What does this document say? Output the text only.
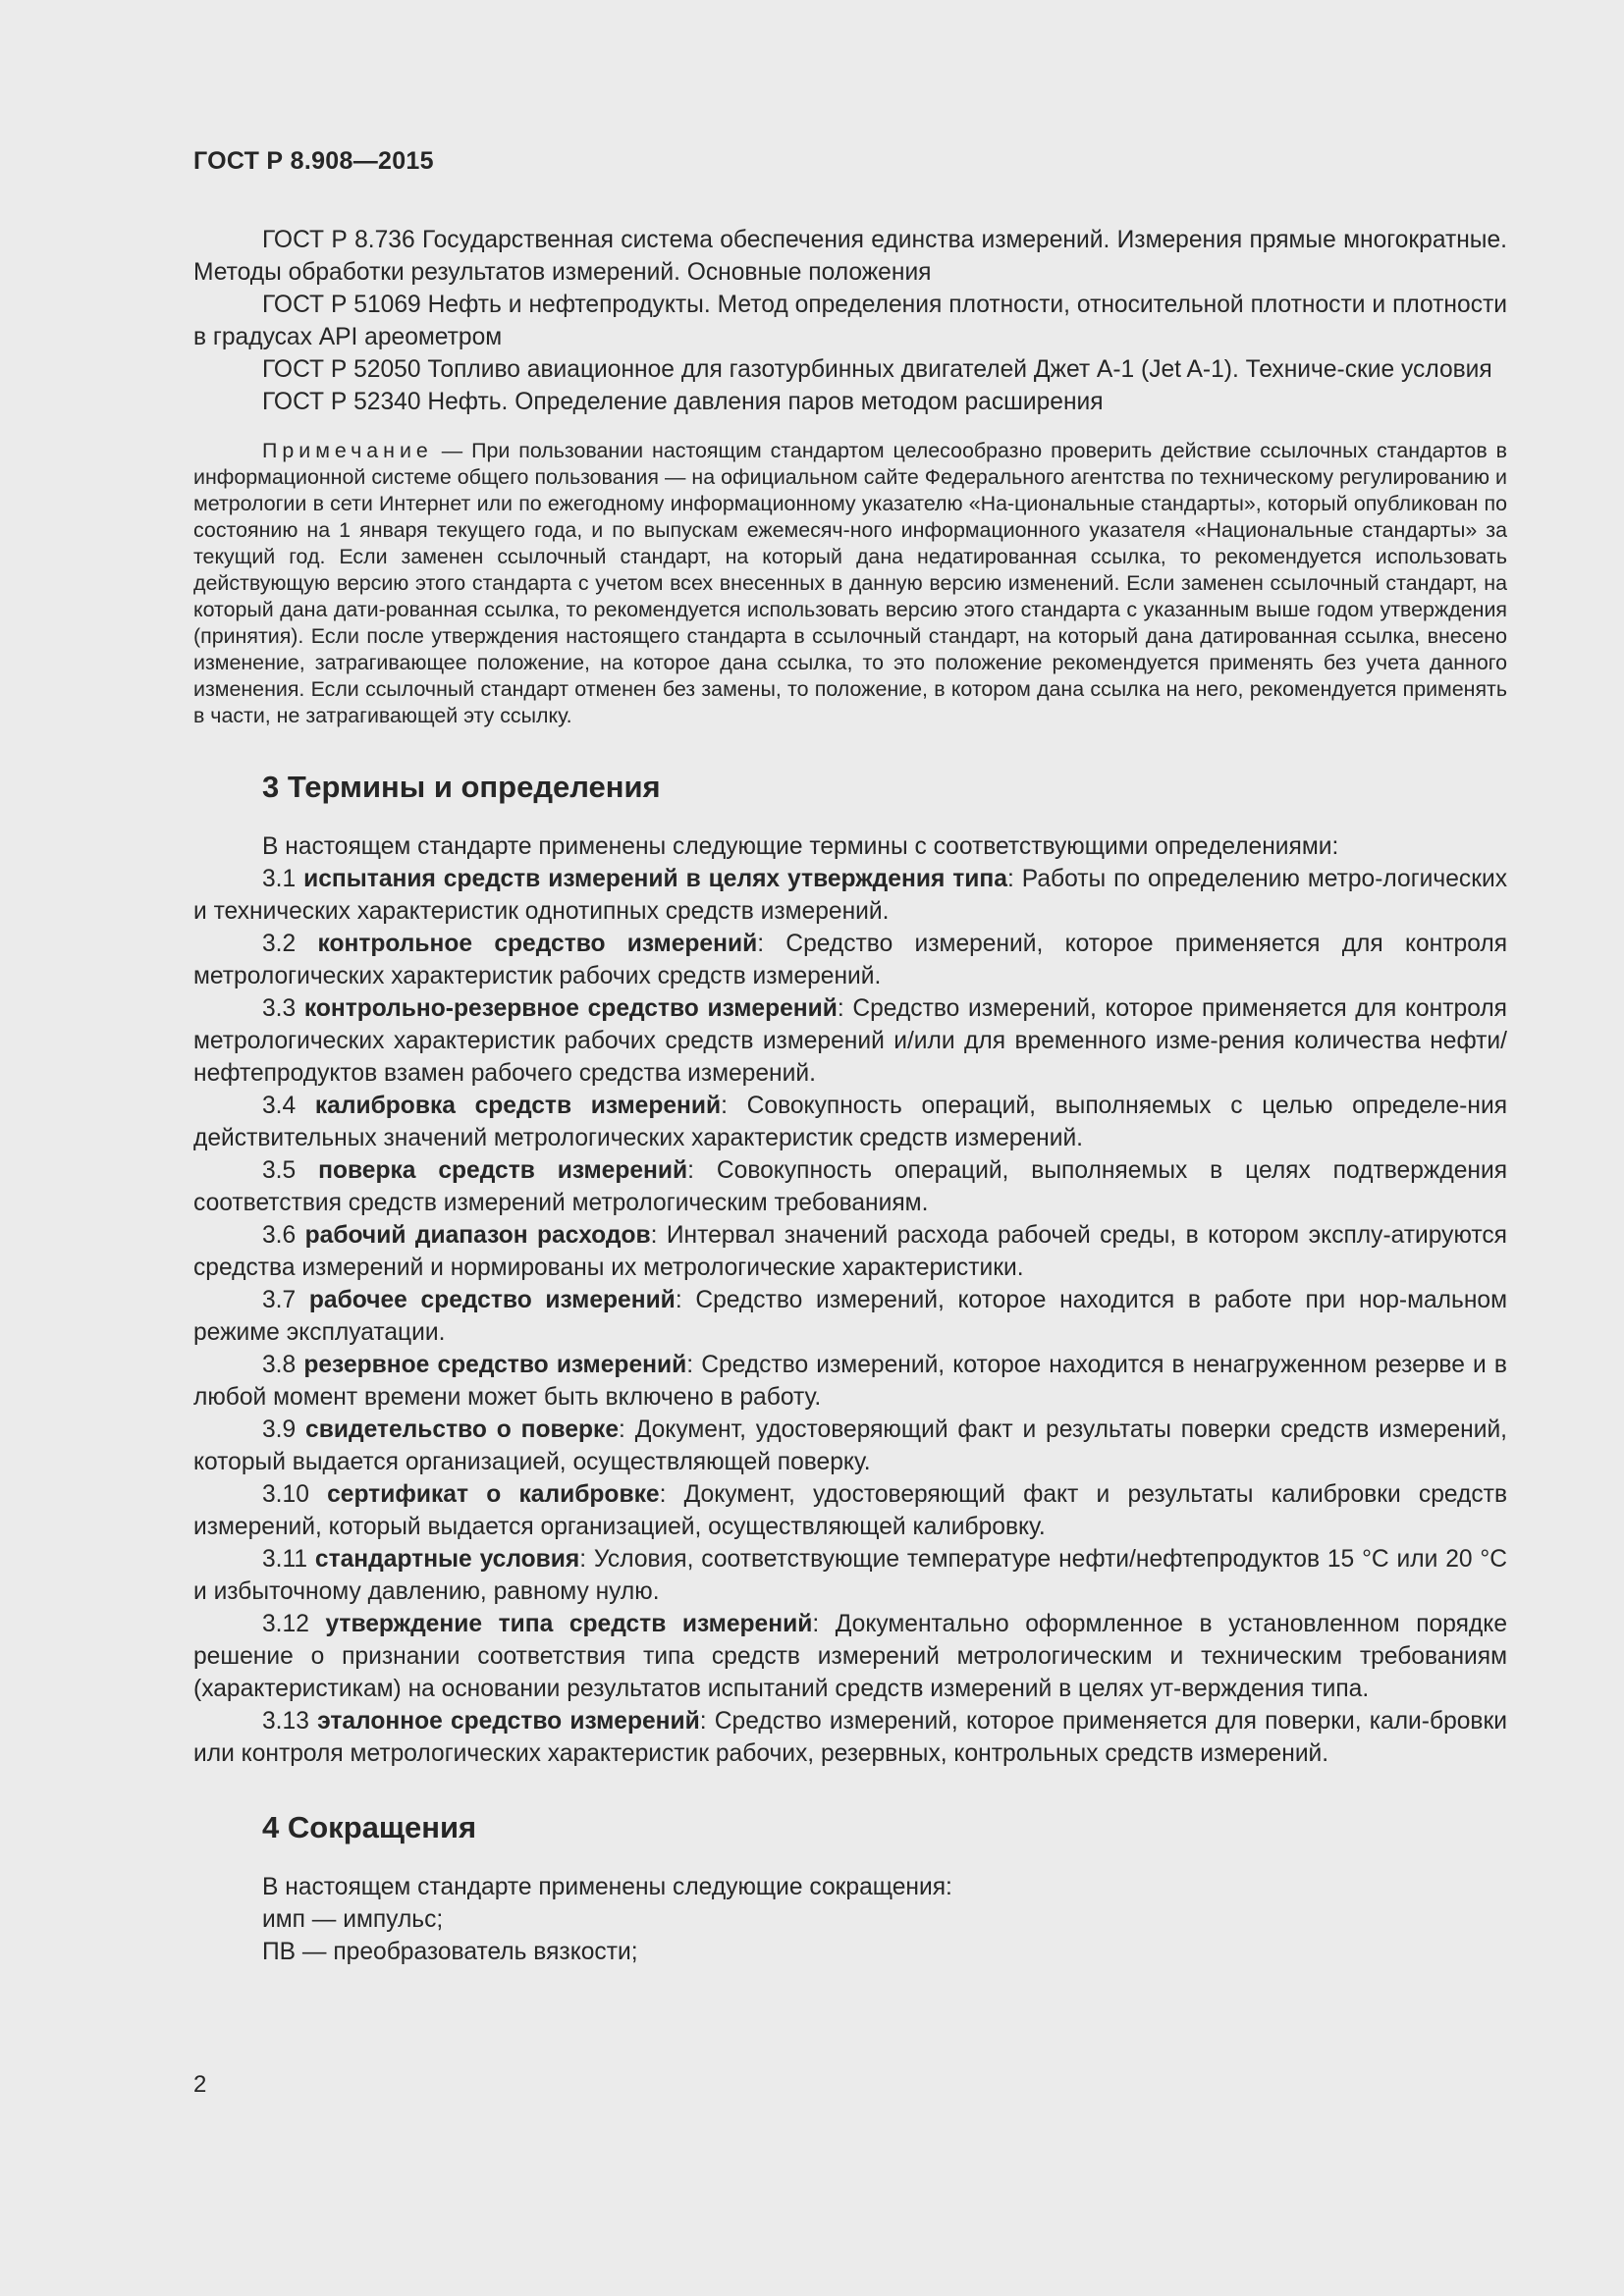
ГОСТ Р 8.908—2015

ГОСТ Р 8.736 Государственная система обеспечения единства измерений. Измерения прямые многократные. Методы обработки результатов измерений. Основные положения

ГОСТ Р 51069 Нефть и нефтепродукты. Метод определения плотности, относительной плотности и плотности в градусах API ареометром

ГОСТ Р 52050 Топливо авиационное для газотурбинных двигателей Джет А-1 (Jet A-1). Техниче-ские условия

ГОСТ Р 52340 Нефть. Определение давления паров методом расширения

Примечание — При пользовании настоящим стандартом целесообразно проверить действие ссылочных стандартов в информационной системе общего пользования — на официальном сайте Федерального агентства по техническому регулированию и метрологии в сети Интернет или по ежегодному информационному указателю «На-циональные стандарты», который опубликован по состоянию на 1 января текущего года, и по выпускам ежемесяч-ного информационного указателя «Национальные стандарты» за текущий год. Если заменен ссылочный стандарт, на который дана недатированная ссылка, то рекомендуется использовать действующую версию этого стандарта с учетом всех внесенных в данную версию изменений. Если заменен ссылочный стандарт, на который дана дати-рованная ссылка, то рекомендуется использовать версию этого стандарта с указанным выше годом утверждения (принятия). Если после утверждения настоящего стандарта в ссылочный стандарт, на который дана датированная ссылка, внесено изменение, затрагивающее положение, на которое дана ссылка, то это положение рекомендуется применять без учета данного изменения. Если ссылочный стандарт отменен без замены, то положение, в котором дана ссылка на него, рекомендуется применять в части, не затрагивающей эту ссылку.

3 Термины и определения

В настоящем стандарте применены следующие термины с соответствующими определениями:

3.1 испытания средств измерений в целях утверждения типа: Работы по определению метро-логических и технических характеристик однотипных средств измерений.

3.2 контрольное средство измерений: Средство измерений, которое применяется для контроля метрологических характеристик рабочих средств измерений.

3.3 контрольно-резервное средство измерений: Средство измерений, которое применяется для контроля метрологических характеристик рабочих средств измерений и/или для временного изме-рения количества нефти/нефтепродуктов взамен рабочего средства измерений.

3.4 калибровка средств измерений: Совокупность операций, выполняемых с целью определе-ния действительных значений метрологических характеристик средств измерений.

3.5 поверка средств измерений: Совокупность операций, выполняемых в целях подтверждения соответствия средств измерений метрологическим требованиям.

3.6 рабочий диапазон расходов: Интервал значений расхода рабочей среды, в котором эксплу-атируются средства измерений и нормированы их метрологические характеристики.

3.7 рабочее средство измерений: Средство измерений, которое находится в работе при нор-мальном режиме эксплуатации.

3.8 резервное средство измерений: Средство измерений, которое находится в ненагруженном резерве и в любой момент времени может быть включено в работу.

3.9 свидетельство о поверке: Документ, удостоверяющий факт и результаты поверки средств измерений, который выдается организацией, осуществляющей поверку.

3.10 сертификат о калибровке: Документ, удостоверяющий факт и результаты калибровки средств измерений, который выдается организацией, осуществляющей калибровку.

3.11 стандартные условия: Условия, соответствующие температуре нефти/нефтепродуктов 15 °С или 20 °С и избыточному давлению, равному нулю.

3.12 утверждение типа средств измерений: Документально оформленное в установленном порядке решение о признании соответствия типа средств измерений метрологическим и техническим требованиям (характеристикам) на основании результатов испытаний средств измерений в целях ут-верждения типа.

3.13 эталонное средство измерений: Средство измерений, которое применяется для поверки, кали-бровки или контроля метрологических характеристик рабочих, резервных, контрольных средств измерений.

4 Сокращения

В настоящем стандарте применены следующие сокращения:

имп — импульс;

ПВ — преобразователь вязкости;

2
